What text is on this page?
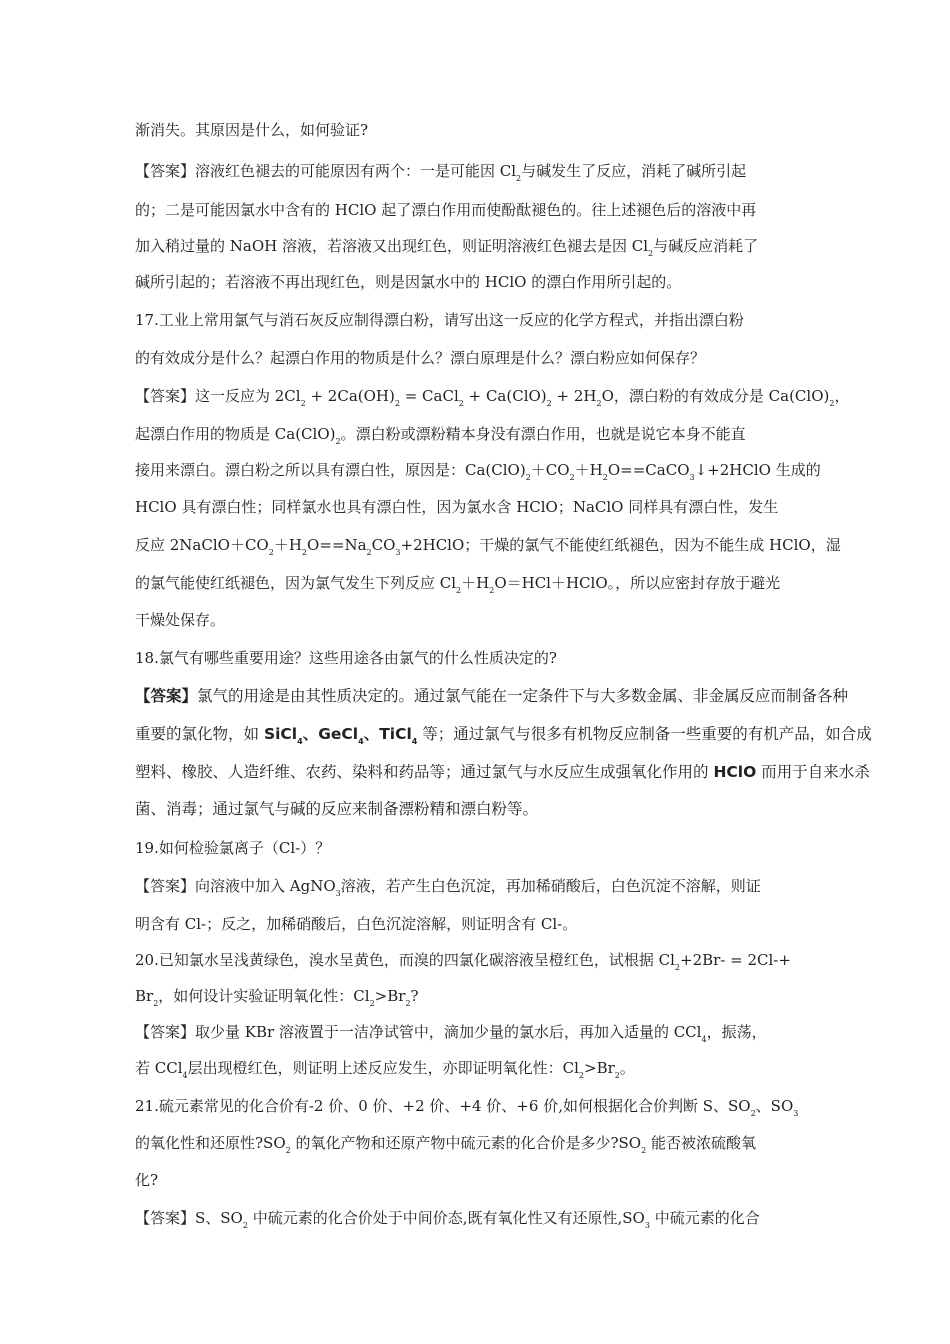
渐消失。其原因是什么，如何验证?
【答案】溶液红色褪去的可能原因有两个：一是可能因 $Cl_2$与碱发生了反应，消耗了碱所引起
的；二是可能因氯水中含有的 HClO 起了漂白作用而使酚酞褪色的。往上述褪色后的溶液中再
加入稍过量的 NaOH 溶液，若溶液又出现红色，则证明溶液红色褪去是因 $Cl_2$与碱反应消耗了
碱所引起的；若溶液不再出现红色，则是因氯水中的 HClO 的漂白作用所引起的。
17.工业上常用氯气与消石灰反应制得漂白粉，请写出这一反应的化学方程式，并指出漂白粉
的有效成分是什么？起漂白作用的物质是什么？漂白原理是什么？漂白粉应如何保存？
【答案】这一反应为 $2Cl_2 + 2Ca(OH)_2$ = CaCl$_2$ + $Ca(ClO)_2 + 2H_2O$，漂白粉的有效成分是 $Ca(ClO)_2$，
起漂白作用的物质是 $Ca(ClO)_2$。漂白粉或漂粉精本身没有漂白作用，也就是说它本身不能直
接用来漂白。漂白粉之所以具有漂白性，原因是：$Ca(ClO)_2+CO_2+H_2O==CaCO_3↓+2HClO$ 生成的
HClO 具有漂白性；同样氯水也具有漂白性，因为氯水含 HClO；NaClO 同样具有漂白性，发生
反应 $2NaClO+CO_2+H_2O==Na_2CO_3+2HClO$；干燥的氯气不能使红纸褪色，因为不能生成 HClO，湿
的氯气能使红纸褪色，因为氯气发生下列反应 $Cl_2+H_2O=HCl+HClO$。，所以应密封存放于避光
干燥处保存。
18.氯气有哪些重要用途？这些用途各由氯气的什么性质决定的?
【答案】氯气的用途是由其性质决定的。通过氯气能在一定条件下与大多数金属、非金属反应而制备各种
重要的氯化物，如 SiCl$_4$、GeCl$_4$、TiCl$_4$ 等；通过氯气与很多有机物反应制备一些重要的有机产品，如合成
塑料、橡胶、人造纤维、农药、染料和药品等；通过氯气与水反应生成强氧化作用的 HClO 而用于自来水杀
菌、消毒；通过氯气与碱的反应来制备漂粉精和漂白粉等。
19.如何检验氯离子（Cl-）？
【答案】向溶液中加入 AgNO$_3$溶液，若产生白色沉淀，再加稀硝酸后，白色沉淀不溶解，则证
明含有 Cl-；反之，加稀硝酸后，白色沉淀溶解，则证明含有 Cl-。
20.已知氯水呈浅黄绿色，溴水呈黄色，而溴的四氯化碳溶液呈橙红色，试根据 $Cl_2+2Br- = 2Cl-+$
$Br_2$，如何设计实验证明氧化性：$Cl_2>Br_2$?
【答案】取少量 KBr 溶液置于一洁净试管中，滴加少量的氯水后，再加入适量的 CCl$_4$，振荡，
若 CCl$_4$层出现橙红色，则证明上述反应发生，亦即证明氧化性：$Cl_2>Br_2$。
21.硫元素常见的化合价有-2 价、0 价、+2 价、+4 价、+6 价,如何根据化合价判断 S、$SO_2$、$SO_3$
的氧化性和还原性$?SO_2$ 的氧化产物和还原产物中硫元素的化合价是多少$?SO_2$ 能否被浓硫酸氧
化?
【答案】S、$SO_2$ 中硫元素的化合价处于中间价态,既有氧化性又有还原性$,SO_3$ 中硫元素的化合
